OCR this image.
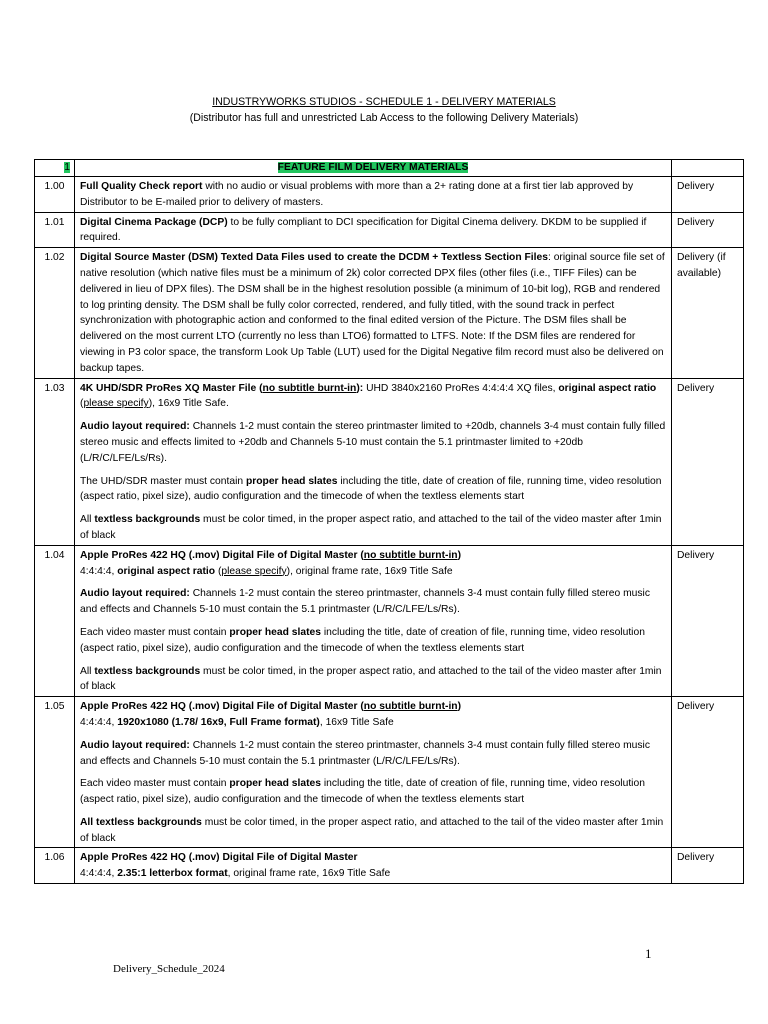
INDUSTRYWORKS STUDIOS - SCHEDULE 1 - DELIVERY MATERIALS
(Distributor has full and unrestricted Lab Access to the following Delivery Materials)
1	FEATURE FILM DELIVERY MATERIALS	
1.00	Full Quality Check report with no audio or visual problems with more than a 2+ rating done at a first tier lab approved by Distributor to be E-mailed prior to delivery of masters.	Delivery
1.01	Digital Cinema Package (DCP) to be fully compliant to DCI specification for Digital Cinema delivery. DKDM to be supplied if required.	Delivery
1.02	Digital Source Master (DSM) Texted Data Files used to create the DCDM + Textless Section Files: original source file set of native resolution (which native files must be a minimum of 2k) color corrected DPX files (other files (i.e., TIFF Files) can be delivered in lieu of DPX files). The DSM shall be in the highest resolution possible (a minimum of 10-bit log), RGB and rendered to log printing density. The DSM shall be fully color corrected, rendered, and fully titled, with the sound track in perfect synchronization with photographic action and conformed to the final edited version of the Picture. The DSM files shall be delivered on the most current LTO (currently no less than LTO6) formatted to LTFS. Note: If the DSM files are rendered for viewing in P3 color space, the transform Look Up Table (LUT) used for the Digital Negative film record must also be delivered on backup tapes.	Delivery (if available)
1.03	4K UHD/SDR ProRes XQ Master File (no subtitle burnt-in): UHD 3840x2160 ProRes 4:4:4:4 XQ files, original aspect ratio (please specify), 16x9 Title Safe.

Audio layout required: Channels 1-2 must contain the stereo printmaster limited to +20db, channels 3-4 must contain fully filled stereo music and effects limited to +20db and Channels 5-10 must contain the 5.1 printmaster limited to +20db (L/R/C/LFE/Ls/Rs).

The UHD/SDR master must contain proper head slates including the title, date of creation of file, running time, video resolution (aspect ratio, pixel size), audio configuration and the timecode of when the textless elements start

All textless backgrounds must be color timed, in the proper aspect ratio, and attached to the tail of the video master after 1min of black	Delivery
1.04	Apple ProRes 422 HQ (.mov) Digital File of Digital Master (no subtitle burnt-in)
4:4:4:4, original aspect ratio (please specify), original frame rate, 16x9 Title Safe

Audio layout required: Channels 1-2 must contain the stereo printmaster, channels 3-4 must contain fully filled stereo music and effects and Channels 5-10 must contain the 5.1 printmaster (L/R/C/LFE/Ls/Rs).

Each video master must contain proper head slates including the title, date of creation of file, running time, video resolution (aspect ratio, pixel size), audio configuration and the timecode of when the textless elements start

All textless backgrounds must be color timed, in the proper aspect ratio, and attached to the tail of the video master after 1min of black	Delivery
1.05	Apple ProRes 422 HQ (.mov) Digital File of Digital Master (no subtitle burnt-in)
4:4:4:4, 1920x1080 (1.78/ 16x9, Full Frame format), 16x9 Title Safe

Audio layout required: Channels 1-2 must contain the stereo printmaster, channels 3-4 must contain fully filled stereo music and effects and Channels 5-10 must contain the 5.1 printmaster (L/R/C/LFE/Ls/Rs).

Each video master must contain proper head slates including the title, date of creation of file, running time, video resolution (aspect ratio, pixel size), audio configuration and the timecode of when the textless elements start

All textless backgrounds must be color timed, in the proper aspect ratio, and attached to the tail of the video master after 1min of black	Delivery
1.06	Apple ProRes 422 HQ (.mov) Digital File of Digital Master
4:4:4:4, 2.35:1 letterbox format, original frame rate, 16x9 Title Safe	Delivery
1
Delivery_Schedule_2024
